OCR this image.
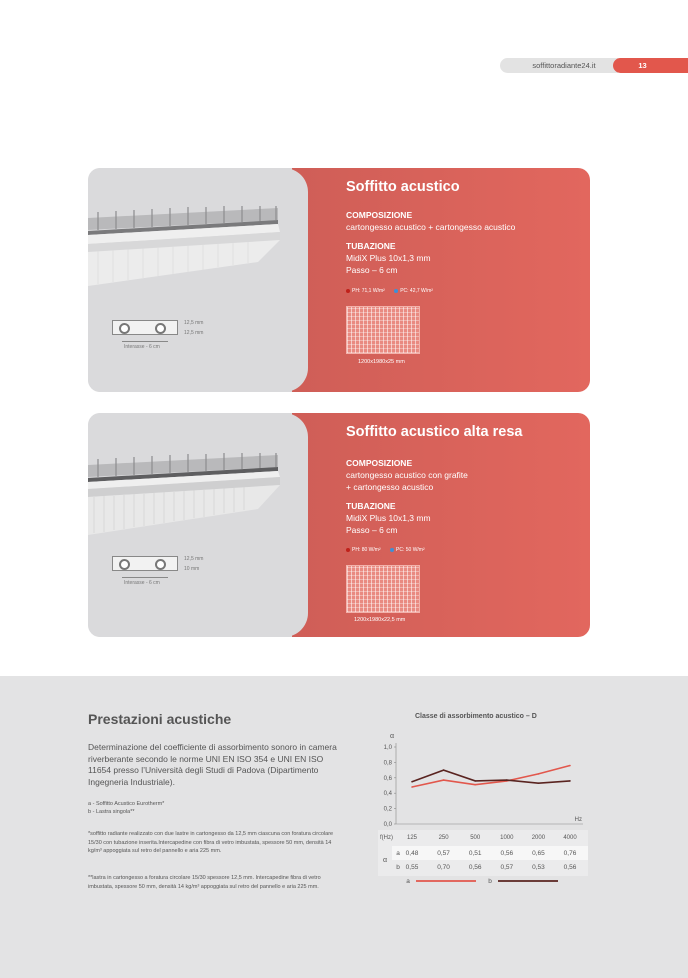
soffittoradiante24.it	13
12,5 mm
12,5 mm
Interasse - 6 cm
Soffitto acustico
COMPOSIZIONE
cartongesso acustico + cartongesso acustico
TUBAZIONE
MidiX Plus 10x1,3 mm
Passo – 6 cm
PH: 71,1 W/m²	PC: 42,7 W/m²
1200x1980x25 mm
12,5 mm
10 mm
Interasse - 6 cm
Soffitto acustico alta resa
COMPOSIZIONE
cartongesso acustico con grafite
+ cartongesso acustico
TUBAZIONE
MidiX Plus 10x1,3 mm
Passo – 6 cm
PH: 80 W/m²	PC: 50 W/m²
1200x1980x22,5 mm
Prestazioni acustiche

Determinazione del coefficiente di assorbimento sonoro in camera riverberante secondo le norme UNI EN ISO 354 e UNI EN ISO 11654 presso l’Università degli Studi di Padova (Dipartimento Ingegneria Industriale).

a - Soffitto Acustico Eurotherm*
b - Lastra singola**

*soffitto radiante realizzato con due lastre in cartongesso da 12,5 mm ciascuna con foratura circolare 15/30 con tubazione inserita.Intercapedine con fibra di vetro imbustata, spessore 50 mm, densità 14 kg/m³ appoggiata sul retro del pannello e aria 225 mm.

**lastra in cartongesso a foratura circolare 15/30 spessore 12,5 mm. Intercapedine fibra di vetro imbustata, spessore 50 mm, densità 14 kg/m³ appoggiata sul retro del pannello e aria 225 mm.

Classe di assorbimento acustico – D
α
0,0
0,2
0,4
0,6
0,8
1,0
Hz
f(Hz) 125	250	500	1000	2000	4000
α
a 0,48	0,57	0,51	0,56	0,65	0,76
b 0,55	0,70	0,56	0,57	0,53	0,56
a	b
